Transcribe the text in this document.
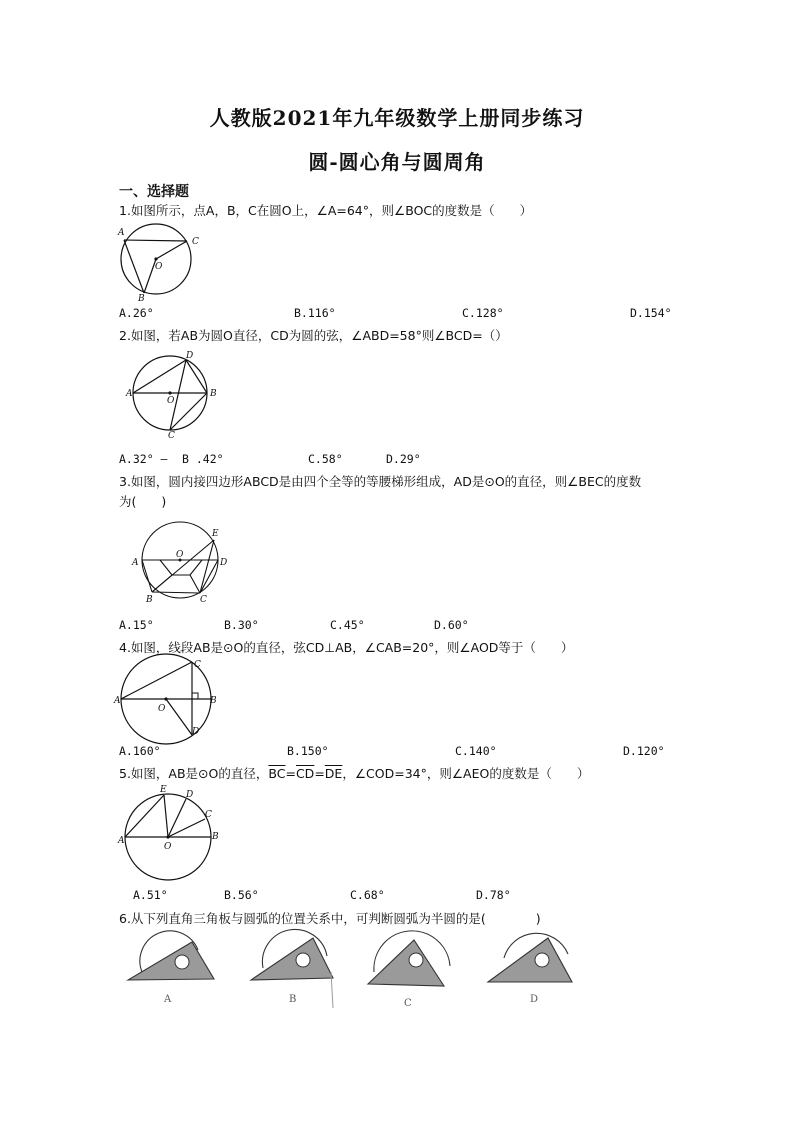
人教版2021年九年级数学上册同步练习
圆-圆心角与圆周角
一、选择题
1.如图所示，点A，B，C在圆O上，∠A=64°，则∠BOC的度数是（　　）
A
C
O
B
A.26°	B.116°	C.128°	D.154°
2.如图，若AB为圆O直径，CD为圆的弦，∠ABD=58°则∠BCD=（）
D
A
O
B
C
A.32° – B .42°	C.58°	D.29°
3.如图，圆内接四边形ABCD是由四个全等的等腰梯形组成，AD是⊙O的直径，则∠BEC的度数
为(　　)
O
E
A	D
B	C
A.15°	B.30°	C.45°	D.60°
4.如图，线段AB是⊙O的直径，弦CD⊥AB，∠CAB=20°，则∠AOD等于（　　）
C
A	B
O
D
A.160°	B.150°	C.140°	D.120°
5.如图，AB是⊙O的直径，$\overline{BC}=\overline{CD}=\overline{DE}$，∠COD=34°，则∠AEO的度数是（　　）
E D
C
A	B
O
A.51°	B.56°	C.68°	D.78°
6.从下列直角三角板与圆弧的位置关系中，可判断圆弧为半圆的是(　　　　)
A	B	C	D
